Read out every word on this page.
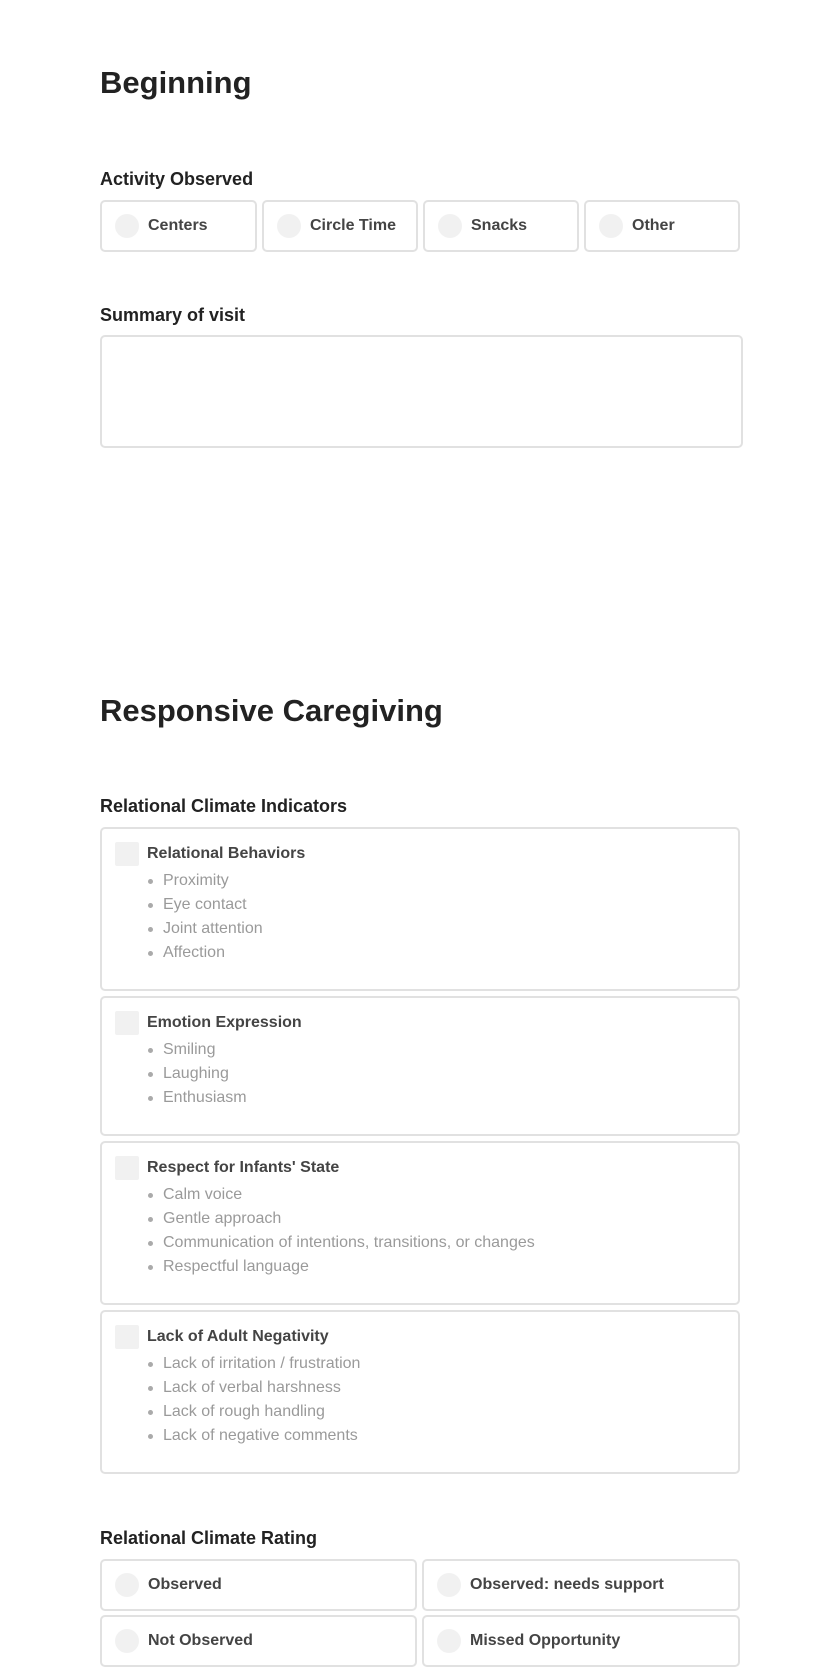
Beginning
Activity Observed
Centers	Circle Time	Snacks	Other
Summary of visit
Responsive Caregiving
Relational Climate Indicators
Relational Behaviors
Proximity
Eye contact
Joint attention
Affection
Emotion Expression
Smiling
Laughing
Enthusiasm
Respect for Infants' State
Calm voice
Gentle approach
Communication of intentions, transitions, or changes
Respectful language
Lack of Adult Negativity
Lack of irritation / frustration
Lack of verbal harshness
Lack of rough handling
Lack of negative comments
Relational Climate Rating
Observed	Observed: needs support
Not Observed	Missed Opportunity
